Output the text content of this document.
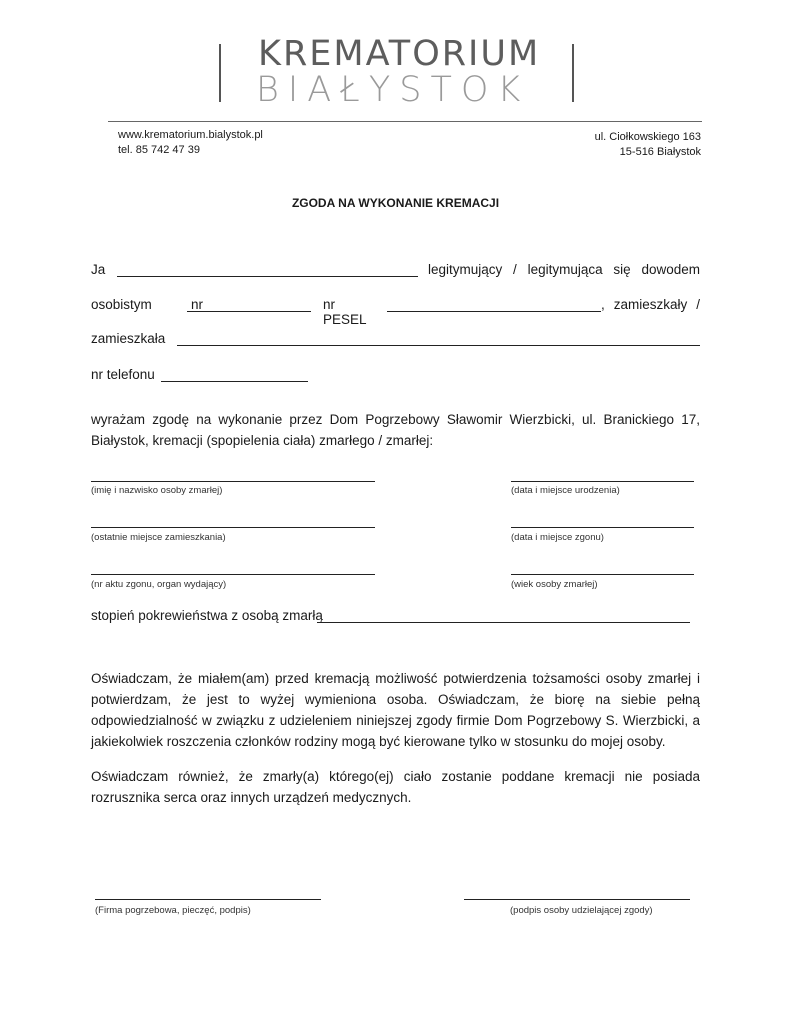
KREMATORIUM
BIAŁYSTOK
www.krematorium.bialystok.pl
tel. 85 742 47 39
ul. Ciołkowskiego 163
15-516 Białystok
ZGODA NA WYKONANIE KREMACJI
Ja	legitymujący / legitymująca się dowodem
osobistym nr	nr PESEL
, zamieszkały /
zamieszkała
nr telefonu
wyrażam zgodę na wykonanie przez Dom Pogrzebowy Sławomir Wierzbicki, ul. Branickiego 17, Białystok, kremacji (spopielenia ciała) zmarłego / zmarłej:
(imię i nazwisko osoby zmarłej)	(data i miejsce urodzenia)
(ostatnie miejsce zamieszkania)	(data i miejsce zgonu)
(nr aktu zgonu, organ wydający)	(wiek osoby zmarłej)
stopień pokrewieństwa z osobą zmarłą
Oświadczam, że miałem(am) przed kremacją możliwość potwierdzenia tożsamości osoby zmarłej i potwierdzam, że jest to wyżej wymieniona osoba. Oświadczam, że biorę na siebie pełną odpowiedzialność w związku z udzieleniem niniejszej zgody firmie Dom Pogrzebowy S. Wierzbicki, a jakiekolwiek roszczenia członków rodziny mogą być kierowane tylko w stosunku do mojej osoby.
Oświadczam również, że zmarły(a) którego(ej) ciało zostanie poddane kremacji nie posiada rozrusznika serca oraz innych urządzeń medycznych.
(Firma pogrzebowa, pieczęć, podpis)	(podpis osoby udzielającej zgody)
